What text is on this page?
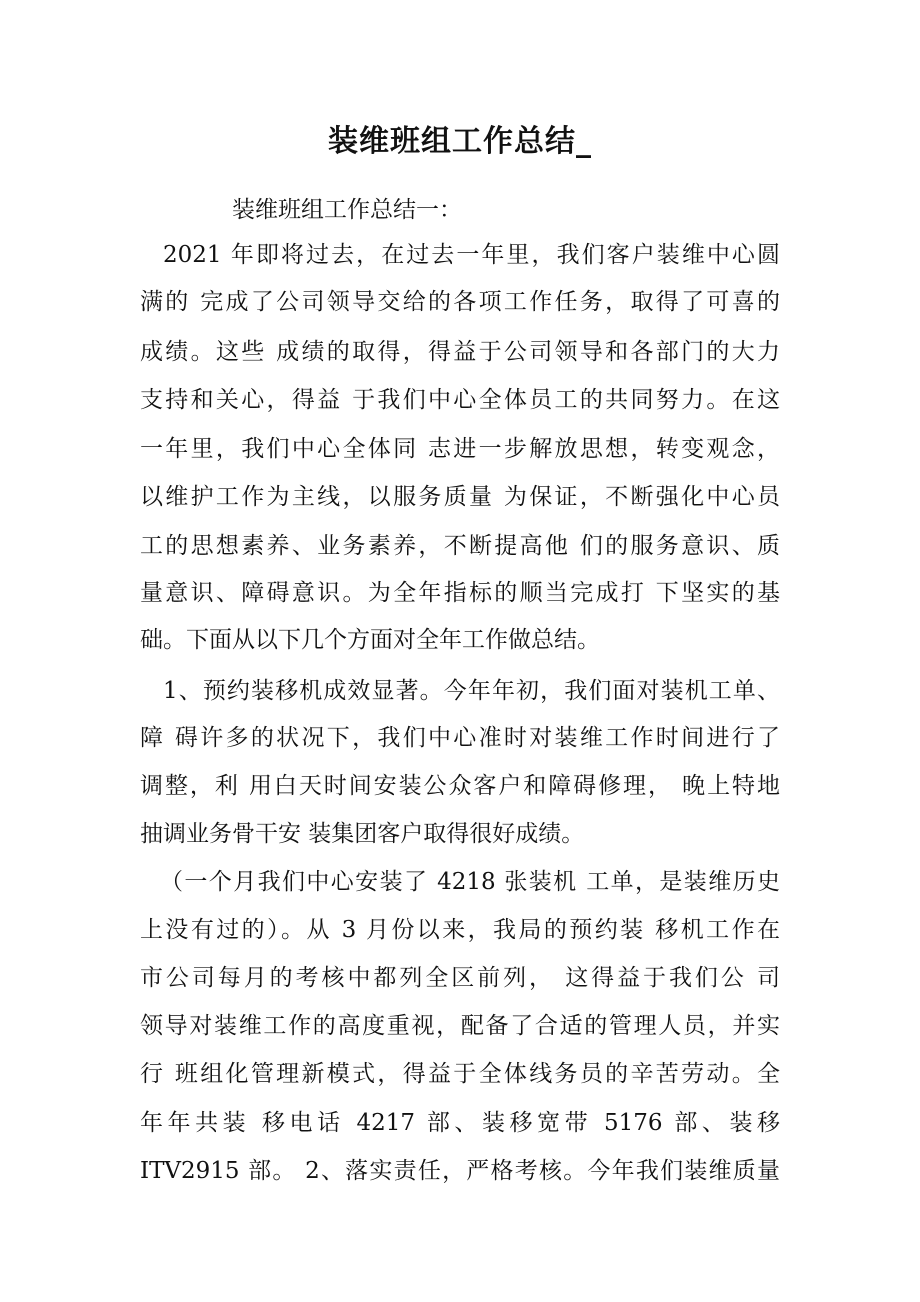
装维班组工作总结_

装维班组工作总结一：

2021 年即将过去，在过去一年里，我们客户装维中心圆

满的 完成了公司领导交给的各项工作任务，取得了可喜的

成绩。这些 成绩的取得，得益于公司领导和各部门的大力

支持和关心，得益 于我们中心全体员工的共同努力。在这

一年里，我们中心全体同 志进一步解放思想，转变观念，

以维护工作为主线，以服务质量 为保证，不断强化中心员

工的思想素养、业务素养，不断提高他 们的服务意识、质

量意识、障碍意识。为全年指标的顺当完成打 下坚实的基

础。下面从以下几个方面对全年工作做总结。

1、预约装移机成效显著。今年年初，我们面对装机工单、

障 碍许多的状况下，我们中心准时对装维工作时间进行了

调整，利 用白天时间安装公众客户和障碍修理， 晚上特地

抽调业务骨干安 装集团客户取得很好成绩。

（一个月我们中心安装了 4218 张装机 工单，是装维历史

上没有过的）。从 3 月份以来，我局的预约装 移机工作在

市公司每月的考核中都列全区前列， 这得益于我们公 司

领导对装维工作的高度重视，配备了合适的管理人员，并实

行 班组化管理新模式，得益于全体线务员的辛苦劳动。全

年年共装 移电话 4217 部、装移宽带 5176 部、装移

ITV2915 部。 2、落实责任，严格考核。今年我们装维质量
